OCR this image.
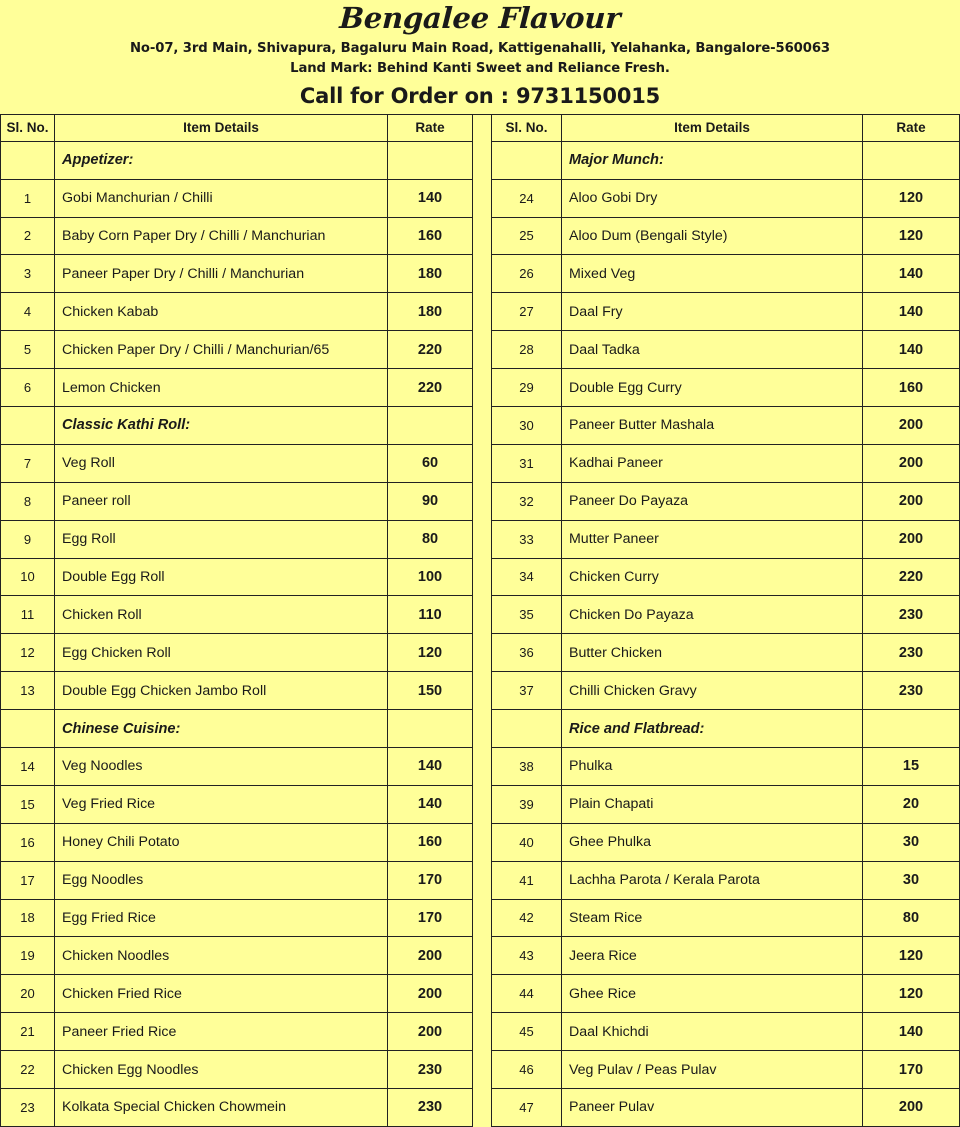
Bengalee Flavour
No-07, 3rd Main, Shivapura, Bagaluru Main Road, Kattigenahalli, Yelahanka, Bangalore-560063
Land Mark: Behind Kanti Sweet and Reliance Fresh.
Call for Order on : 9731150015
Sl. No.	Item Details	Rate
Appetizer:
1	Gobi Manchurian / Chilli	140
2	Baby Corn Paper Dry / Chilli / Manchurian	160
3	Paneer Paper Dry / Chilli / Manchurian	180
4	Chicken Kabab	180
5	Chicken Paper Dry / Chilli / Manchurian/65	220
6	Lemon Chicken	220
Classic Kathi Roll:
7	Veg Roll	60
8	Paneer roll	90
9	Egg Roll	80
10	Double Egg Roll	100
11	Chicken Roll	110
12	Egg Chicken Roll	120
13	Double Egg Chicken Jambo Roll	150
Chinese Cuisine:
14	Veg Noodles	140
15	Veg Fried Rice	140
16	Honey Chili Potato	160
17	Egg Noodles	170
18	Egg Fried Rice	170
19	Chicken Noodles	200
20	Chicken Fried Rice	200
21	Paneer Fried Rice	200
22	Chicken Egg Noodles	230
23	Kolkata Special Chicken Chowmein	230
Sl. No.	Item Details	Rate
Major Munch:
24	Aloo Gobi Dry	120
25	Aloo Dum (Bengali Style)	120
26	Mixed Veg	140
27	Daal Fry	140
28	Daal Tadka	140
29	Double Egg Curry	160
30	Paneer Butter Mashala	200
31	Kadhai Paneer	200
32	Paneer Do Payaza	200
33	Mutter Paneer	200
34	Chicken Curry	220
35	Chicken Do Payaza	230
36	Butter Chicken	230
37	Chilli Chicken Gravy	230
Rice and Flatbread:
38	Phulka	15
39	Plain Chapati	20
40	Ghee Phulka	30
41	Lachha Parota / Kerala Parota	30
42	Steam Rice	80
43	Jeera Rice	120
44	Ghee Rice	120
45	Daal Khichdi	140
46	Veg Pulav / Peas Pulav	170
47	Paneer Pulav	200
